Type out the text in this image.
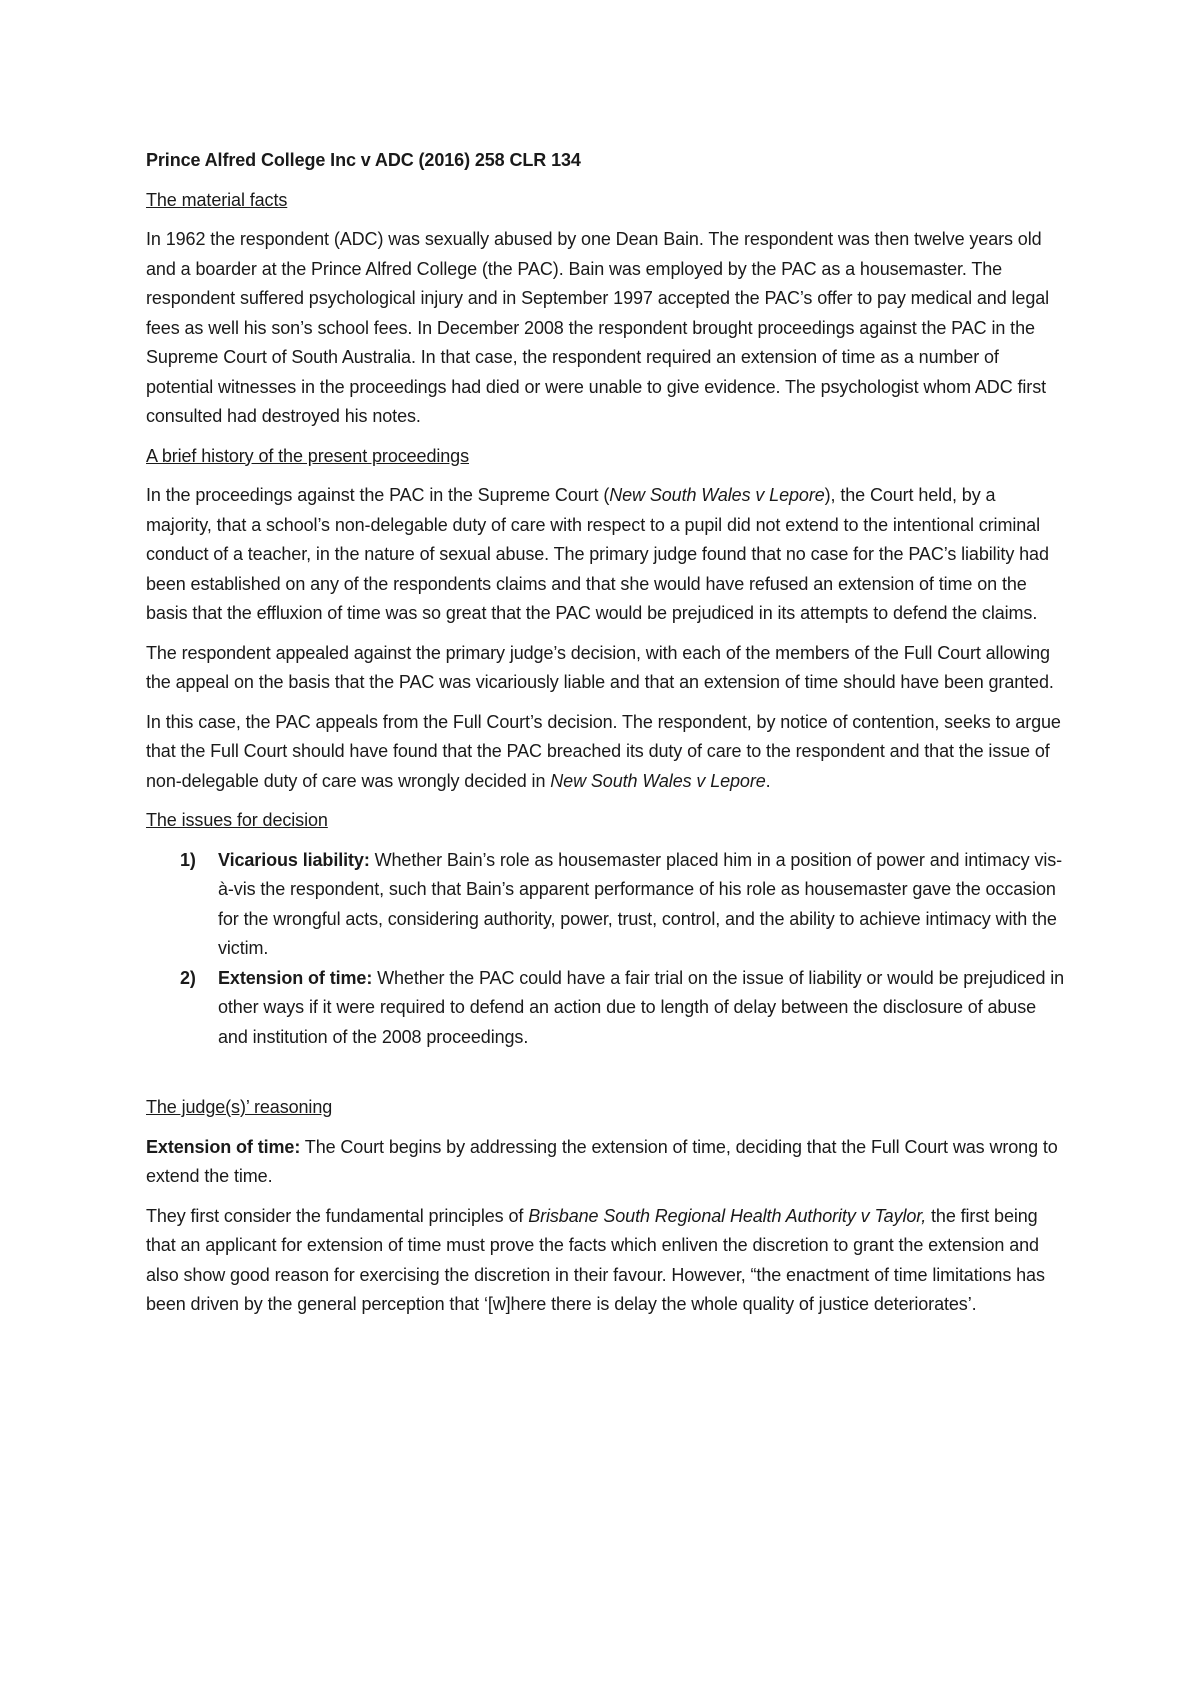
Prince Alfred College Inc v ADC (2016) 258 CLR 134

The material facts

In 1962 the respondent (ADC) was sexually abused by one Dean Bain. The respondent was then twelve years old and a boarder at the Prince Alfred College (the PAC). Bain was employed by the PAC as a housemaster. The respondent suffered psychological injury and in September 1997 accepted the PAC’s offer to pay medical and legal fees as well his son’s school fees. In December 2008 the respondent brought proceedings against the PAC in the Supreme Court of South Australia. In that case, the respondent required an extension of time as a number of potential witnesses in the proceedings had died or were unable to give evidence. The psychologist whom ADC first consulted had destroyed his notes.

A brief history of the present proceedings

In the proceedings against the PAC in the Supreme Court (New South Wales v Lepore), the Court held, by a majority, that a school’s non-delegable duty of care with respect to a pupil did not extend to the intentional criminal conduct of a teacher, in the nature of sexual abuse. The primary judge found that no case for the PAC’s liability had been established on any of the respondents claims and that she would have refused an extension of time on the basis that the effluxion of time was so great that the PAC would be prejudiced in its attempts to defend the claims.

The respondent appealed against the primary judge’s decision, with each of the members of the Full Court allowing the appeal on the basis that the PAC was vicariously liable and that an extension of time should have been granted.

In this case, the PAC appeals from the Full Court’s decision. The respondent, by notice of contention, seeks to argue that the Full Court should have found that the PAC breached its duty of care to the respondent and that the issue of non-delegable duty of care was wrongly decided in New South Wales v Lepore.

The issues for decision

1) Vicarious liability: Whether Bain’s role as housemaster placed him in a position of power and intimacy vis-à-vis the respondent, such that Bain’s apparent performance of his role as housemaster gave the occasion for the wrongful acts, considering authority, power, trust, control, and the ability to achieve intimacy with the victim.
2) Extension of time: Whether the PAC could have a fair trial on the issue of liability or would be prejudiced in other ways if it were required to defend an action due to length of delay between the disclosure of abuse and institution of the 2008 proceedings.

The judge(s)’ reasoning

Extension of time: The Court begins by addressing the extension of time, deciding that the Full Court was wrong to extend the time.

They first consider the fundamental principles of Brisbane South Regional Health Authority v Taylor, the first being that an applicant for extension of time must prove the facts which enliven the discretion to grant the extension and also show good reason for exercising the discretion in their favour. However, “the enactment of time limitations has been driven by the general perception that ‘[w]here there is delay the whole quality of justice deteriorates’.
